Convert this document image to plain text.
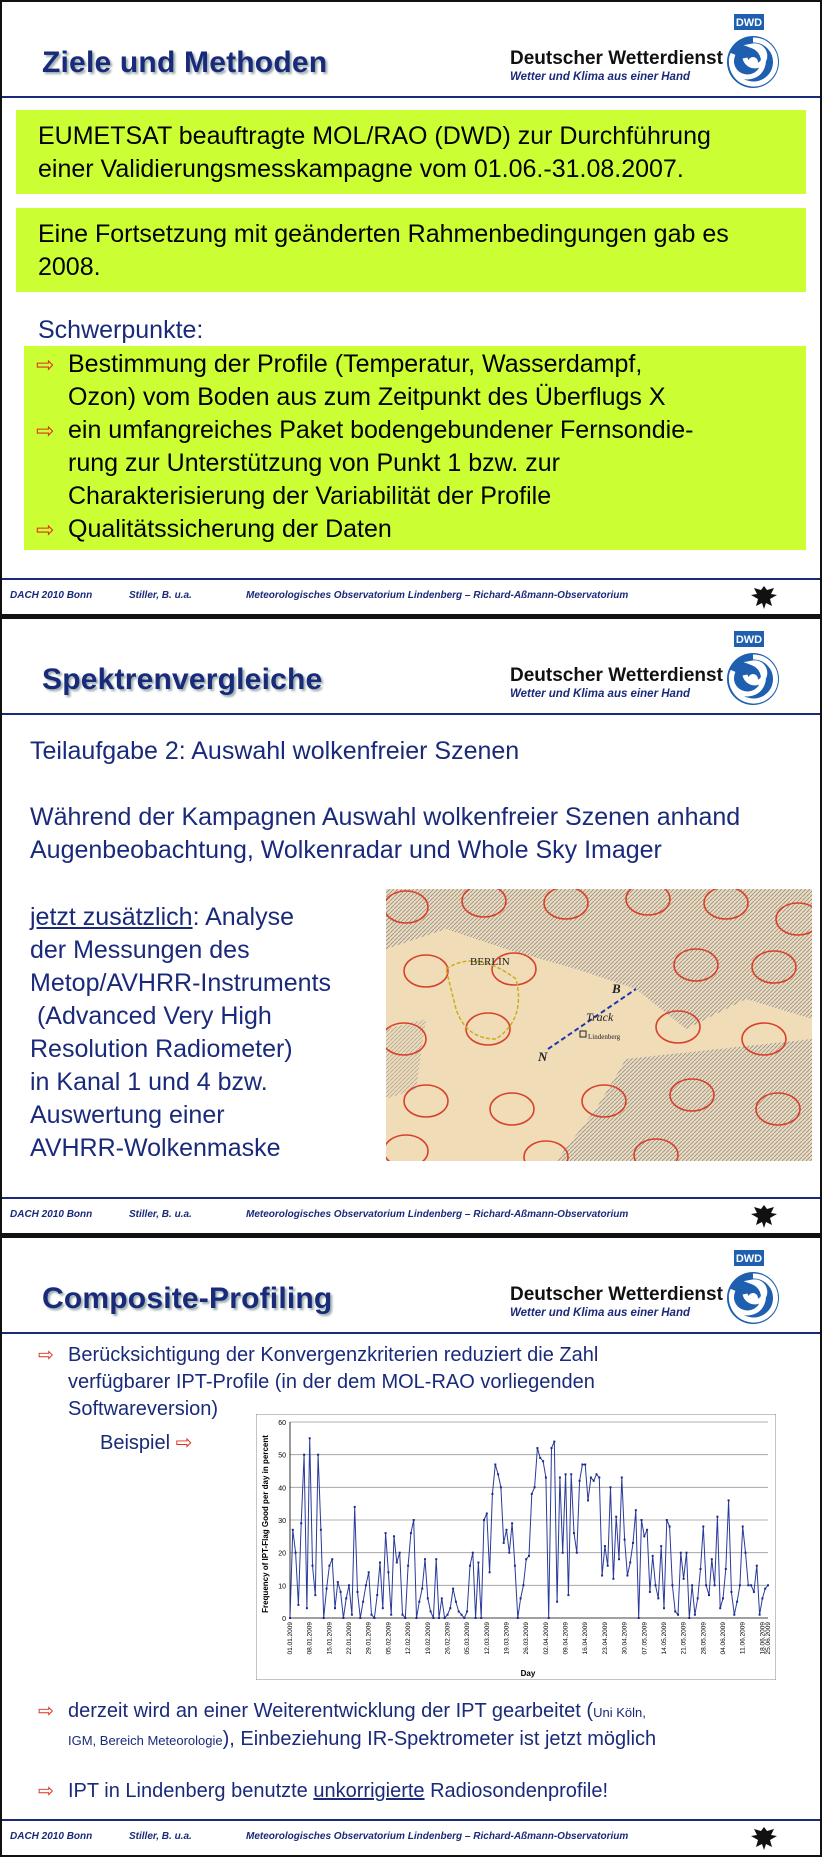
Ziele und Methoden	Deutscher Wetterdienst
Wetter und Klima aus einer Hand
DWD
EUMETSAT beauftragte MOL/RAO (DWD) zur Durchführung
einer Validierungsmesskampagne vom 01.06.-31.08.2007.
Eine Fortsetzung mit geänderten Rahmenbedingungen gab es
2008.
Schwerpunkte:
⇨ Bestimmung der Profile (Temperatur, Wasserdampf,
Ozon) vom Boden aus zum Zeitpunkt des Überflugs X
⇨ ein umfangreiches Paket bodengebundener Fernsondie-
rung zur Unterstützung von Punkt 1 bzw. zur
Charakterisierung der Variabilität der Profile
⇨ Qualitätssicherung der Daten
DACH 2010 Bonn	Stiller, B. u.a.	Meteorologisches Observatorium Lindenberg – Richard-Aßmann-Observatorium
Spektrenvergleiche	Deutscher Wetterdienst
Wetter und Klima aus einer Hand
DWD
Teilaufgabe 2: Auswahl wolkenfreier Szenen
Während der Kampagnen Auswahl wolkenfreier Szenen anhand
Augenbeobachtung, Wolkenradar und Whole Sky Imager
jetzt zusätzlich: Analyse
der Messungen des
Metop/AVHRR-Instruments
(Advanced Very High
Resolution Radiometer)
in Kanal 1 und 4 bzw.
Auswertung einer
AVHRR-Wolkenmaske
BERLIN
B
Track
N
Lindenberg
DACH 2010 Bonn	Stiller, B. u.a.	Meteorologisches Observatorium Lindenberg – Richard-Aßmann-Observatorium
Composite-Profiling	Deutscher Wetterdienst
Wetter und Klima aus einer Hand
DWD
⇨ Berücksichtigung der Konvergenzkriterien reduziert die Zahl
verfügbarer IPT-Profile (in der dem MOL-RAO vorliegenden
Softwareversion)
Beispiel ⇨
0
10
20
30
40
50
60
01.01.2009 08.01.2009 15.01.2009 22.01.2009 29.01.2009 05.02.2009 12.02.2009 19.02.2009 26.02.2009 05.03.2009 12.03.2009 19.03.2009 26.03.2009 02.04.2009 09.04.2009 16.04.2009 23.04.2009 30.04.2009 07.05.2009 14.05.2009 21.05.2009 28.05.2009 04.06.2009 11.06.2009 18.06.2009
25.06.2009
Frequency of IPT-Flag Good per day in percent
Day
⇨ derzeit wird an einer Weiterentwicklung der IPT gearbeitet (Uni Köln,
IGM, Bereich Meteorologie), Einbeziehung IR-Spektrometer ist jetzt möglich
⇨ IPT in Lindenberg benutzte unkorrigierte Radiosondenprofile!
DACH 2010 Bonn	Stiller, B. u.a.	Meteorologisches Observatorium Lindenberg – Richard-Aßmann-Observatorium
